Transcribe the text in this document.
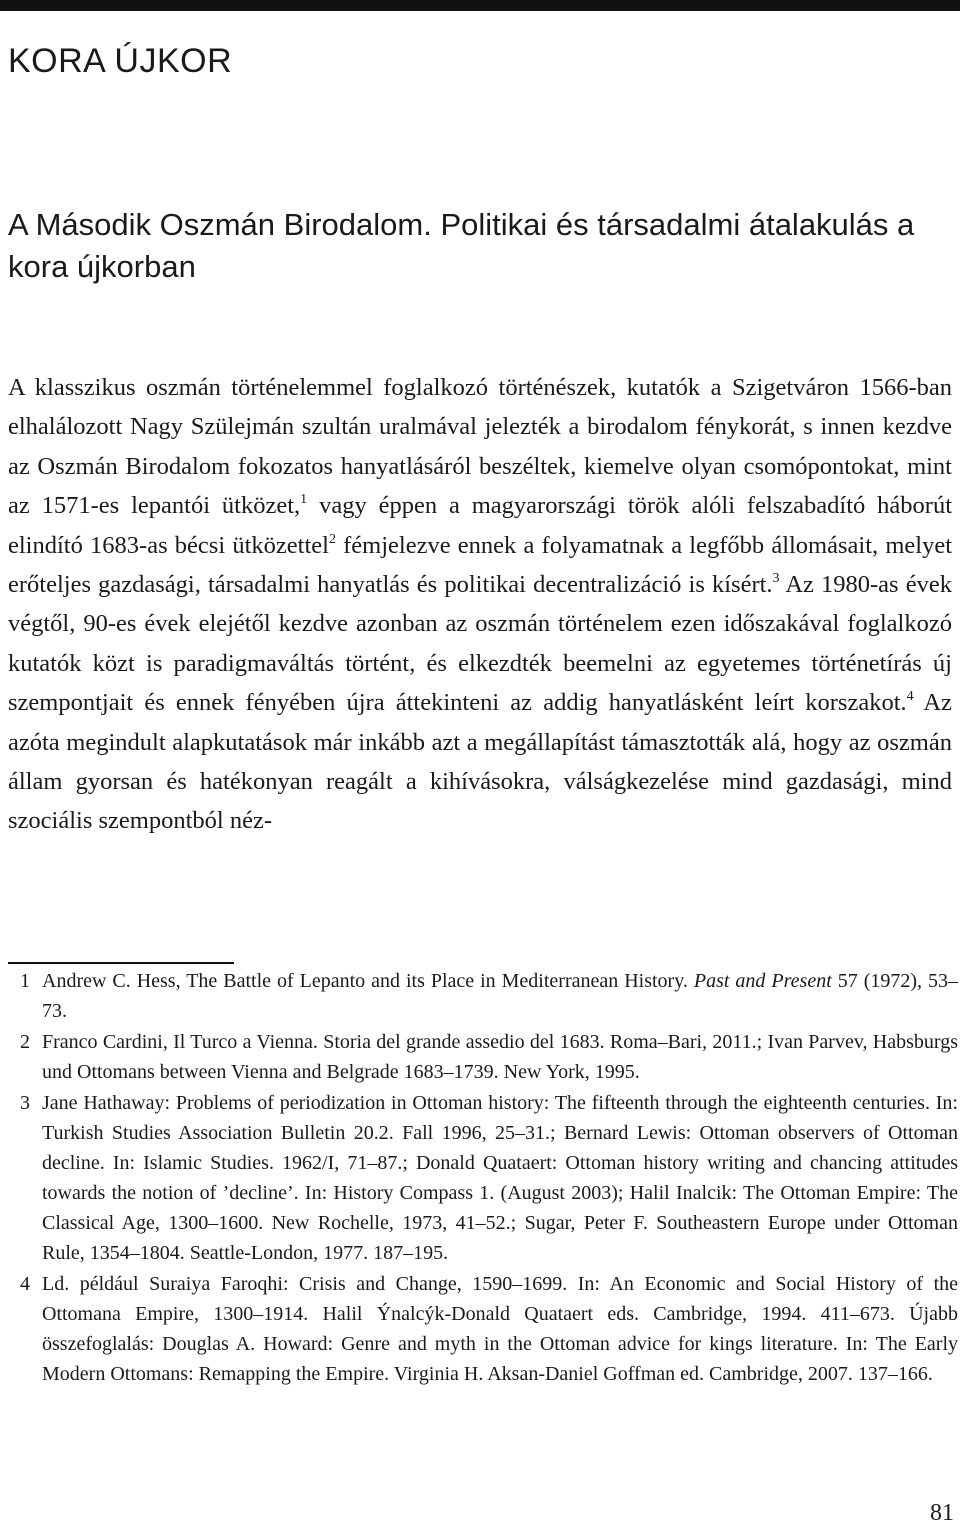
KORA ÚJKOR
A Második Oszmán Birodalom. Politikai és társadalmi átalakulás a kora újkorban

A klasszikus oszmán történelemmel foglalkozó történészek, kutatók a Szigetváron 1566-ban elhalálozott Nagy Szülejmán szultán uralmával jelezték a birodalom fénykorát, s innen kezdve az Oszmán Birodalom fokozatos hanyatlásáról beszéltek, kiemelve olyan csomópontokat, mint az 1571-es lepantói ütközet,$^1$ vagy éppen a magyarországi török alóli felszabadító háborút elindító 1683-as bécsi ütközettel$^2$ fémjelezve ennek a folyamatnak a legfőbb állomásait, melyet erőteljes gazdasági, társadalmi hanyatlás és politikai decentralizáció is kísért.$^3$ Az 1980-as évek végtől, 90-es évek elejétől kezdve azonban az oszmán történelem ezen időszakával foglalkozó kutatók közt is paradigmaváltás történt, és elkezdték beemelni az egyetemes történetírás új szempontjait és ennek fényében újra áttekinteni az addig hanyatlásként leírt korszakot.$^4$ Az azóta megindult alapkutatások már inkább azt a megállapítást támasztották alá, hogy az oszmán állam gyorsan és hatékonyan reagált a kihívásokra, válságkezelése mind gazdasági, mind szociális szempontból néz-

1 Andrew C. Hess, The Battle of Lepanto and its Place in Mediterranean History. Past and Present 57 (1972), 53–73.
2 Franco Cardini, Il Turco a Vienna. Storia del grande assedio del 1683. Roma–Bari, 2011.; Ivan Parvev, Habsburgs und Ottomans between Vienna and Belgrade 1683–1739. New York, 1995.
3 Jane Hathaway: Problems of periodization in Ottoman history: The fifteenth through the eighteenth centuries. In: Turkish Studies Association Bulletin 20.2. Fall 1996, 25–31.; Bernard Lewis: Ottoman observers of Ottoman decline. In: Islamic Studies. 1962/I, 71–87.; Donald Quataert: Ottoman history writing and chancing attitudes towards the notion of ’decline’. In: History Compass 1. (August 2003); Halil Inalcik: The Ottoman Empire: The Classical Age, 1300–1600. New Rochelle, 1973, 41–52.; Sugar, Peter F. Southeastern Europe under Ottoman Rule, 1354–1804. Seattle-London, 1977. 187–195.
4 Ld. például Suraiya Faroqhi: Crisis and Change, 1590–1699. In: An Economic and Social History of the Ottomana Empire, 1300–1914. Halil Ýnalcýk-Donald Quataert eds. Cambridge, 1994. 411–673. Újabb összefoglalás: Douglas A. Howard: Genre and myth in the Ottoman advice for kings literature. In: The Early Modern Ottomans: Remapping the Empire. Virginia H. Aksan-Daniel Goffman ed. Cambridge, 2007. 137–166.
81
